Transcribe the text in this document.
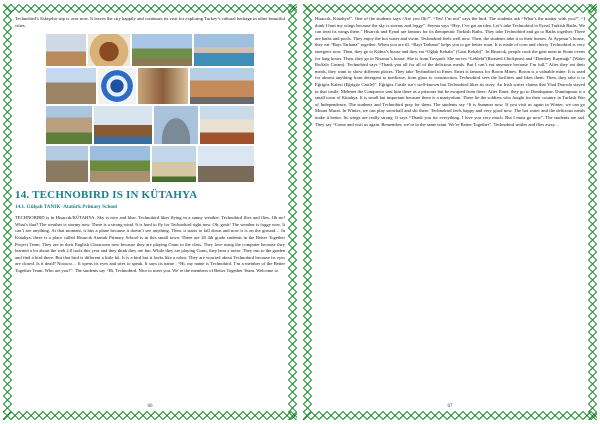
Technobird’s Eskişehir trip is over now. It leaves the city happily and continues its visit for exploring Turkey’s cultural heritage in other beautiful cities.

14. TECHNOBIRD IS IN KÜTAHYA
14.1. Gülşah TANIK- Atatürk Primary School

TECHNOBIRD is in Hisarcık/KÜTAHYA. Sky is nice and blue. Technobird likes flying in a sunny weather. Technobird flies and flies. Oh no! What’s that? The weather is stormy now. There is a strong wind. It is hard to fly for Technobird right now. Oh, gosh! The weather is foggy now. It can’t see anything. At that moment, it hits a plane because it doesn’t see anything. Then, it starts to fall down and now it is on the ground… In Kütahya, there is a place called Hisarcık Atatürk Primary School is in this small town. There are 28 4th grade students in the Better Together Project Team. They are in their English Classroom now because they are playing Cram in the class. They love using the computer because they learned a lot about the web 2.0 tools this year and they think they are fun. While they are playing Cram, they hear a noise. They run to the garden and find a bird there. But that bird is different a little bit. It is a bird but it looks like a robot. They are worried about Technobird because its eyes are closed. Is it dead? Nooooo… It opens its eyes and tries to speak. It says its name : “Hi, my name is Technobird. I’m a member of the Better Together Team. Who are you?”. The students say “Hi, Technobird. Nice to meet you. We’re the members of Better Together Team. Welcome to

66

Hisarcık, Kütahya!”. One of the students says “Are you Ok?”. “Yes! I’m not” says the bird. The students ask “What’s the matter with you?”. “I think I hurt my wings because the sky is stormy and foggy”. Seyma says “Hey, I’ve got an idea. Let’s take Technobird to Eynal Turkish Baths. We can treat its wings there.” Hisarcık and Eynal are famous for its therapeutic Turkish Baths. They take Technobird and go to Baths together. There are baths and pools. They enjoy the hot water and swim. Technobird feels well now. Then, the students take it to their homes. At Ayşenur’s house, they eat “Bayı Tarhana” together. When you are ill, “Bayı Tarhana” helps you to get better soon. It is made of corn and cherry. Technobird is very energetic now. Then, they go to Kübra’s house and they eat “Oğlak Kebabı” (Goat Kebab)”. In Hisarcık, people cook the goat meat in Stone ovens for long hours. Then, they go to Nisanur’s house. She is from Tavşanlı. She serves “Leblebi”(Roasted Chickpeas) and “Dombey Kaymağı” (Water Buffalo Cream). Technobird says “Thank you all for all of the delicious meals. But I can’t eat anymore because I’m full.” After they eat their meals, they want to show different places. They take Technobird to Emet. Emet is famous for Boron Mines. Boron is a valuable mine. It is used for almost anything from detergent to medicine, from glass to construction. Technobird sees the facilities and likes them. Then, they take it to Eğrigöz Kalesi (Eğrigöz Castle)”. Eğrigöz Castle isn’t well-known but Technobird likes its story. An Irish writer claims that Vlad Dracula stayed in that castle. Mehmet the Conqueror sent him there as a prisoner but he escaped from there. After Emet, they go to Dumlupınar. Dumlupınar is a small town of Kütahya. It is small but important because there is a martyrdom. There lie the soldiers who fought for their country in Turkish War of Independence. The students and Technobird pray for them. The students say “It is Summer now. If you visit us again in Winter, we can go Mount Murat. In Winter, we can play snowball and ski there. Technobird feels happy and very good now. The hot water and the delicious meals make it better. Its wings are really strong. It says “Thank you for everything. I love you very much. But I must go now”. The students are sad. They say “Come and visit us again. Remember, we’re in the same team. We’re Better Together”. Technobird smiles and flies away…

67
